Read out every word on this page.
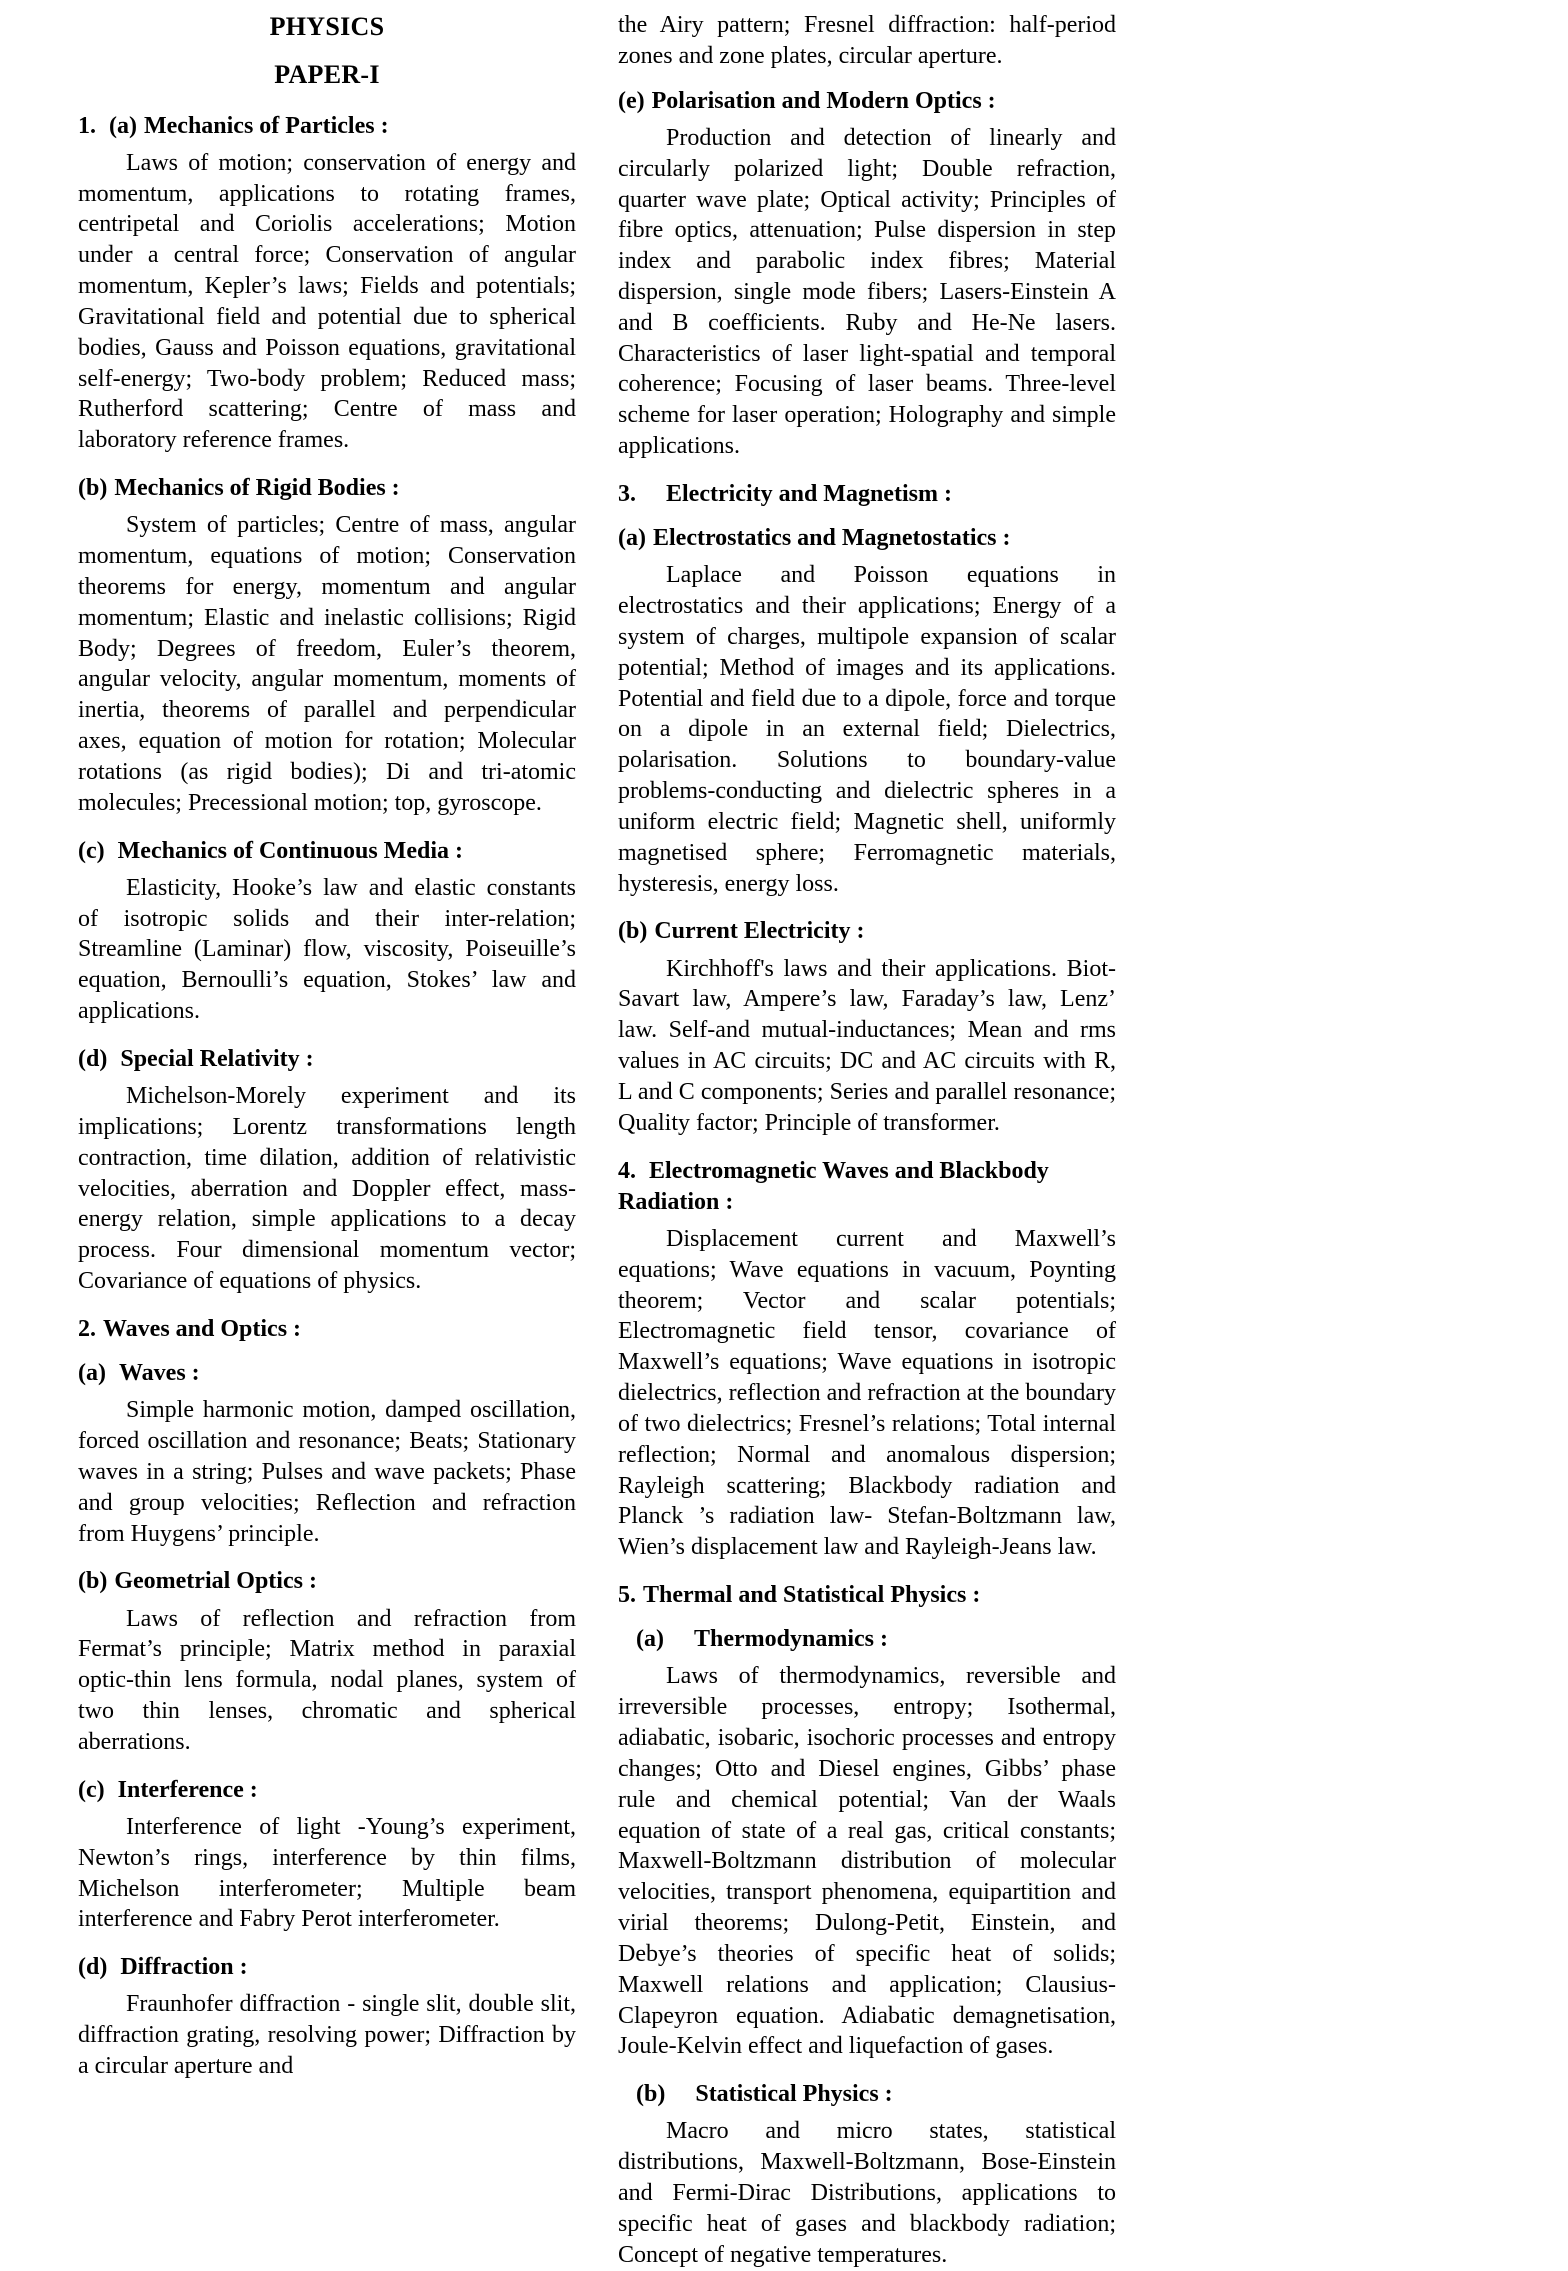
PHYSICS
PAPER-I
1. (a) Mechanics of Particles :

Laws of motion; conservation of energy and momentum, applications to rotating frames, centripetal and Coriolis accelerations; Motion under a central force; Conservation of angular momentum, Kepler’s laws; Fields and potentials; Gravitational field and potential due to spherical bodies, Gauss and Poisson equations, gravitational self-energy; Two-body problem; Reduced mass; Rutherford scattering; Centre of mass and laboratory reference frames.

(b) Mechanics of Rigid Bodies :

System of particles; Centre of mass, angular momentum, equations of motion; Conservation theorems for energy, momentum and angular momentum; Elastic and inelastic collisions; Rigid Body; Degrees of freedom, Euler’s theorem, angular velocity, angular momentum, moments of inertia, theorems of parallel and perpendicular axes, equation of motion for rotation; Molecular rotations (as rigid bodies); Di and tri-atomic molecules; Precessional motion; top, gyroscope.

(c) Mechanics of Continuous Media :

Elasticity, Hooke’s law and elastic constants of isotropic solids and their inter-relation; Streamline (Laminar) flow, viscosity, Poiseuille’s equation, Bernoulli’s equation, Stokes’ law and applications.

(d) Special Relativity :

Michelson-Morely experiment and its implications; Lorentz transformations length contraction, time dilation, addition of relativistic velocities, aberration and Doppler effect, mass-energy relation, simple applications to a decay process. Four dimensional momentum vector; Covariance of equations of physics.

2. Waves and Optics :
(a) Waves :

Simple harmonic motion, damped oscillation, forced oscillation and resonance; Beats; Stationary waves in a string; Pulses and wave packets; Phase and group velocities; Reflection and refraction from Huygens’ principle.

(b) Geometrial Optics :

Laws of reflection and refraction from Fermat’s principle; Matrix method in paraxial optic-thin lens formula, nodal planes, system of two thin lenses, chromatic and spherical aberrations.

(c) Interference :

Interference of light -Young’s experiment, Newton’s rings, interference by thin films, Michelson interferometer; Multiple beam interference and Fabry Perot interferometer.

(d) Diffraction :

Fraunhofer diffraction - single slit, double slit, diffraction grating, resolving power; Diffraction by a circular aperture and

the Airy pattern; Fresnel diffraction: half-period zones and zone plates, circular aperture.

(e) Polarisation and Modern Optics :

Production and detection of linearly and circularly polarized light; Double refraction, quarter wave plate; Optical activity; Principles of fibre optics, attenuation; Pulse dispersion in step index and parabolic index fibres; Material dispersion, single mode fibers; Lasers-Einstein A and B coefficients. Ruby and He-Ne lasers. Characteristics of laser light-spatial and temporal coherence; Focusing of laser beams. Three-level scheme for laser operation; Holography and simple applications.

3. Electricity and Magnetism :
(a) Electrostatics and Magnetostatics :

Laplace and Poisson equations in electrostatics and their applications; Energy of a system of charges, multipole expansion of scalar potential; Method of images and its applications. Potential and field due to a dipole, force and torque on a dipole in an external field; Dielectrics, polarisation. Solutions to boundary-value problems-conducting and dielectric spheres in a uniform electric field; Magnetic shell, uniformly magnetised sphere; Ferromagnetic materials, hysteresis, energy loss.

(b) Current Electricity :

Kirchhoff's laws and their applications. Biot-Savart law, Ampere’s law, Faraday’s law, Lenz’ law. Self-and mutual-inductances; Mean and rms values in AC circuits; DC and AC circuits with R, L and C components; Series and parallel resonance; Quality factor; Principle of transformer.

4. Electromagnetic Waves and Blackbody Radiation :

Displacement current and Maxwell’s equations; Wave equations in vacuum, Poynting theorem; Vector and scalar potentials; Electromagnetic field tensor, covariance of Maxwell’s equations; Wave equations in isotropic dielectrics, reflection and refraction at the boundary of two dielectrics; Fresnel’s relations; Total internal reflection; Normal and anomalous dispersion; Rayleigh scattering; Blackbody radiation and Planck ’s radiation law- Stefan-Boltzmann law, Wien’s displacement law and Rayleigh-Jeans law.

5. Thermal and Statistical Physics :
(a) Thermodynamics :

Laws of thermodynamics, reversible and irreversible processes, entropy; Isothermal, adiabatic, isobaric, isochoric processes and entropy changes; Otto and Diesel engines, Gibbs’ phase rule and chemical potential; Van der Waals equation of state of a real gas, critical constants; Maxwell-Boltzmann distribution of molecular velocities, transport phenomena, equipartition and virial theorems; Dulong-Petit, Einstein, and Debye’s theories of specific heat of solids; Maxwell relations and application; Clausius-Clapeyron equation. Adiabatic demagnetisation, Joule-Kelvin effect and liquefaction of gases.

(b) Statistical Physics :

Macro and micro states, statistical distributions, Maxwell-Boltzmann, Bose-Einstein and Fermi-Dirac Distributions, applications to specific heat of gases and blackbody radiation; Concept of negative temperatures.
